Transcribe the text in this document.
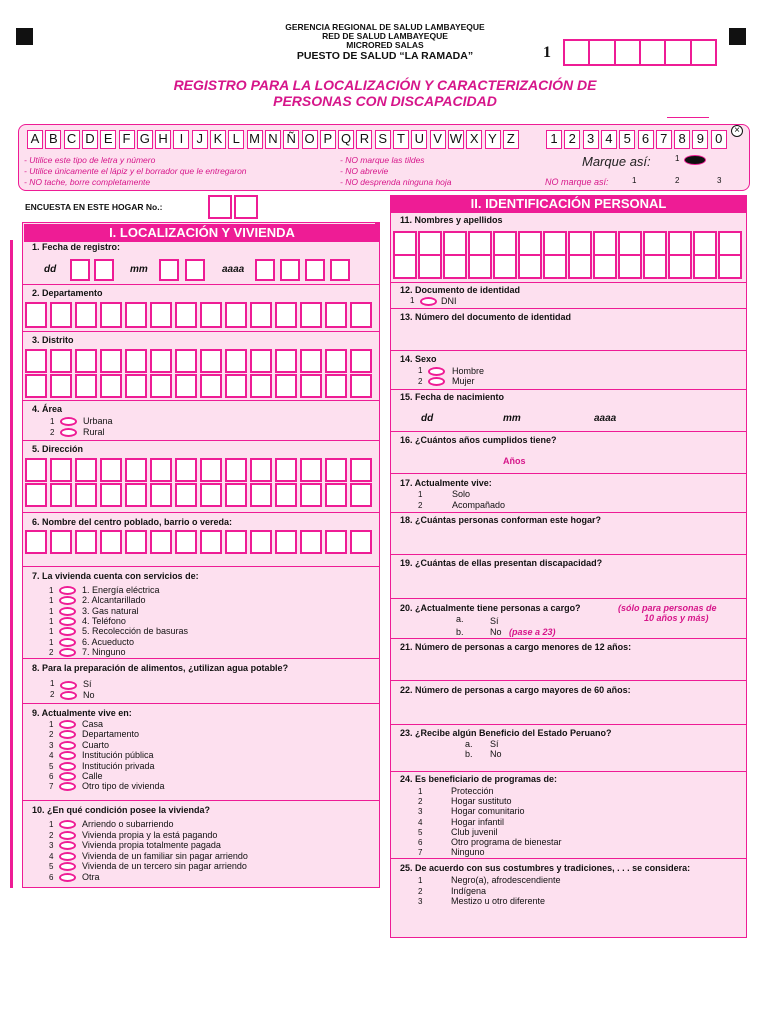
GERENCIA REGIONAL DE SALUD LAMBAYEQUE
RED DE SALUD LAMBAYEQUE
MICRORED SALAS
PUESTO DE SALUD “LA RAMADA”	1
REGISTRO PARA LA LOCALIZACIÓN Y CARACTERIZACIÓN DE
PERSONAS CON DISCAPACIDAD
A B C D E F G H I	J K L M N Ñ O P Q R S T U V W X Y Z	1 2 3 4 5 6 7 8 9 0
×
- Utilice este tipo de letra y número
- Utilice únicamente el lápiz y el borrador que le entregaron
- NO tache, borre completamente
- NO marque las tildes
- NO abrevie
- NO desprenda ninguna hoja
Marque así:	1
NO marque así:	1	2	3
ENCUESTA EN ESTE HOGAR No.:
I. LOCALIZACIÓN Y VIVIENDA
1. Fecha de registro:
dd	mm	aaaa
2. Departamento
3. Distrito
4. Área
1	Urbana
2	Rural
5. Dirección
6. Nombre del centro poblado, barrio o vereda:
7. La vivienda cuenta con servicios de:
1	1. Energía eléctrica
1	2. Alcantarillado
1	3. Gas natural
1	4. Teléfono
1	5. Recolección de basuras
1	6. Acueducto
2	7. Ninguno
8. Para la preparación de alimentos, ¿utilizan agua potable?
1	Sí
2	No
9. Actualmente vive en:
1	Casa
2	Departamento
3	Cuarto
4	Institución pública
5	Institución privada
6	Calle
7	Otro tipo de vivienda
10. ¿En qué condición posee la vivienda?
1	Arriendo o subarriendo
2	Vivienda propia y la está pagando
3	Vivienda propia totalmente pagada
4	Vivienda de un familiar sin pagar arriendo
5	Vivienda de un tercero sin pagar arriendo
6	Otra
II. IDENTIFICACIÓN PERSONAL
11. Nombres y apellidos
12. Documento de identidad
1	DNI
13. Número del documento de identidad
14. Sexo
1	Hombre
2	Mujer
15. Fecha de nacimiento
dd	mm	aaaa
16. ¿Cuántos años cumplidos tiene?
Años
17. Actualmente vive:
1	Solo
2	Acompañado
18. ¿Cuántas personas conforman este hogar?
19. ¿Cuántas de ellas presentan discapacidad?
20. ¿Actualmente tiene personas a cargo?	(sólo para personas de
10 años y más)
a.	Sí
b.	No (pase a 23)
21. Número de personas a cargo menores de 12 años:
22. Número de personas a cargo mayores de 60 años:
23. ¿Recibe algún Beneficio del Estado Peruano?
a. Sí
b. No
24. Es beneficiario de programas de:
1	Protección
2	Hogar sustituto
3	Hogar comunitario
4	Hogar infantil
5	Club juvenil
6	Otro programa de bienestar
7	Ninguno
25. De acuerdo con sus costumbres y tradiciones, . . . se considera:
1	Negro(a), afrodescendiente
2	Indígena
3	Mestizo u otro diferente
